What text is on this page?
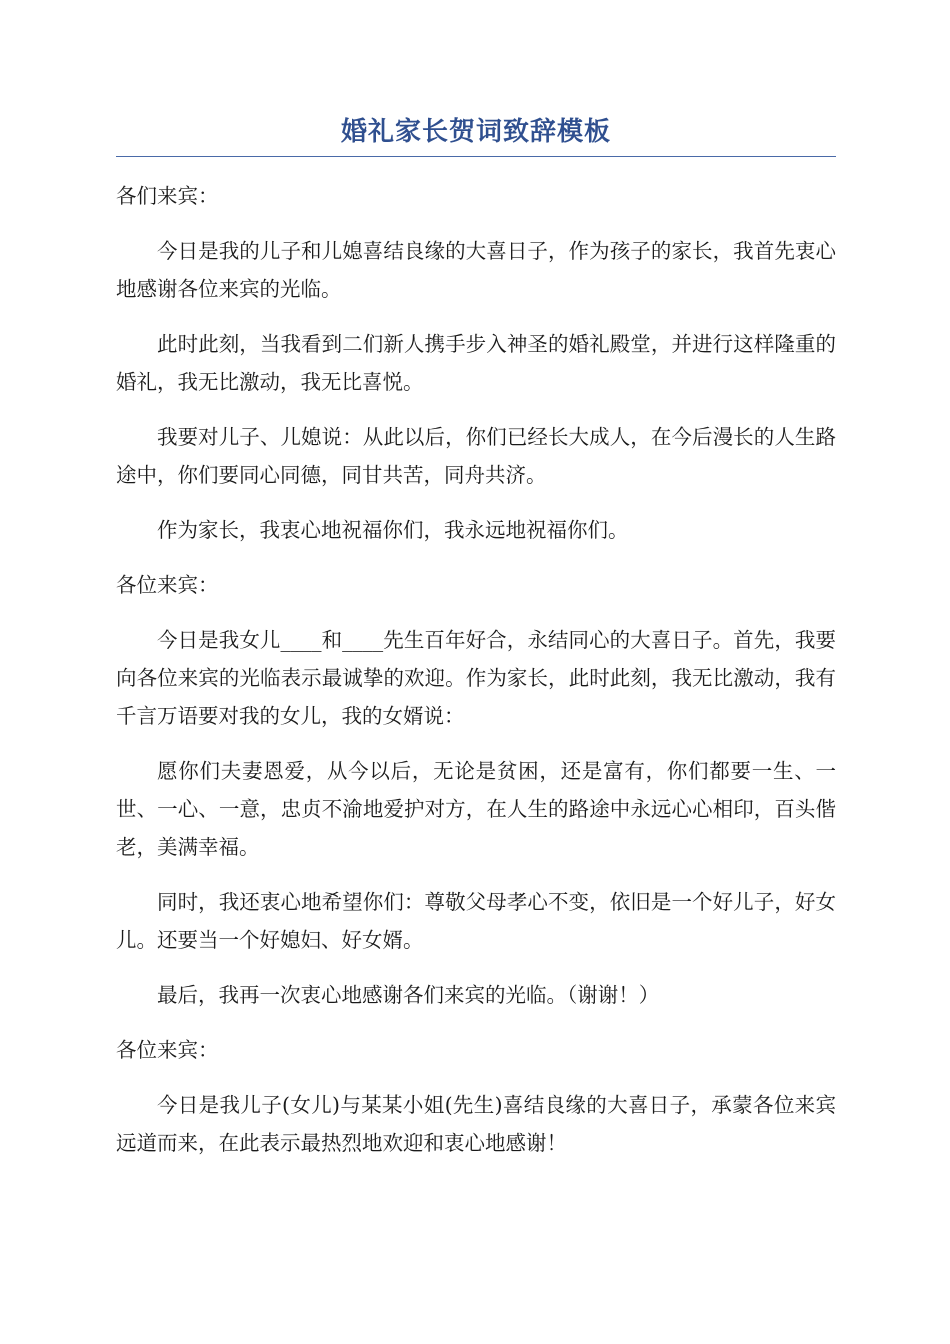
婚礼家长贺词致辞模板

各们来宾：

今日是我的儿子和儿媳喜结良缘的大喜日子，作为孩子的家长，我首先衷心地感谢各位来宾的光临。

此时此刻，当我看到二们新人携手步入神圣的婚礼殿堂，并进行这样隆重的婚礼，我无比激动，我无比喜悦。

我要对儿子、儿媳说：从此以后，你们已经长大成人，在今后漫长的人生路途中，你们要同心同德，同甘共苦，同舟共济。

作为家长，我衷心地祝福你们，我永远地祝福你们。

各位来宾：

今日是我女儿____和____先生百年好合，永结同心的大喜日子。首先，我要向各位来宾的光临表示最诚挚的欢迎。作为家长，此时此刻，我无比激动，我有千言万语要对我的女儿，我的女婿说：

愿你们夫妻恩爱，从今以后，无论是贫困，还是富有，你们都要一生、一世、一心、一意，忠贞不渝地爱护对方，在人生的路途中永远心心相印，百头偕老，美满幸福。

同时，我还衷心地希望你们：尊敬父母孝心不变，依旧是一个好儿子，好女儿。还要当一个好媳妇、好女婿。

最后，我再一次衷心地感谢各们来宾的光临。（谢谢！）

各位来宾：

今日是我儿子(女儿)与某某小姐(先生)喜结良缘的大喜日子，承蒙各位来宾远道而来，在此表示最热烈地欢迎和衷心地感谢！
